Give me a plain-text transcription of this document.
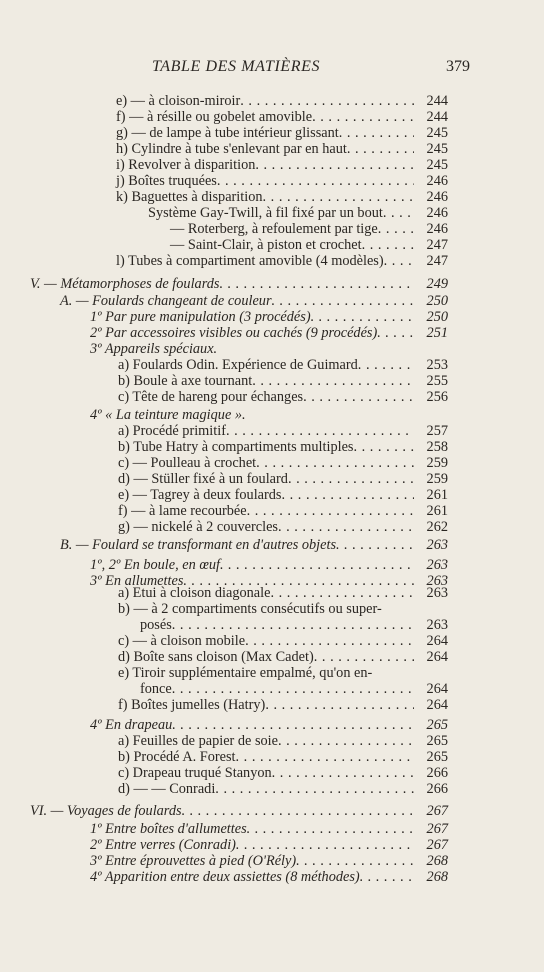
TABLE DES MATIÈRES	379
e) — à cloison-miroir . . .	244
f) — à résille ou gobelet amovible . . .	244
g) — de lampe à tube intérieur glissant . . .	245
h) Cylindre à tube s'enlevant par en haut . . .	245
i) Revolver à disparition . . .	245
j) Boîtes truquées . . .	246
k) Baguettes à disparition . . .	246
Système Gay-Twill, à fil fixé par un bout . . .	246
— Roterberg, à refoulement par tige . . .	246
— Saint-Clair, à piston et crochet . . .	247
l) Tubes à compartiment amovible (4 modèles) . . .	247
V. — Métamorphoses de foulards . . .	249
A. — Foulards changeant de couleur . . .	250
1º Par pure manipulation (3 procédés) . . .	250
2º Par accessoires visibles ou cachés (9 procédés) . . .	251
3º Appareils spéciaux.
a) Foulards Odin. Expérience de Guimard . . .	253
b) Boule à axe tournant . . .	255
c) Tête de hareng pour échanges . . .	256
4º « La teinture magique ».
a) Procédé primitif . . .	257
b) Tube Hatry à compartiments multiples . . .	258
c) — Poulleau à crochet . . .	259
d) — Stüller fixé à un foulard . . .	259
e) — Tagrey à deux foulards . . .	261
f) — à lame recourbée . . .	261
g) — nickelé à 2 couvercles . . .	262
B. — Foulard se transformant en d'autres objets . . .	263
1º, 2º En boule, en œuf . . .	263
3º En allumettes . . .	263
a) Etui à cloison diagonale . . .	263
b) — à 2 compartiments consécutifs ou super-
posés . . .	263
c) — à cloison mobile . . .	264
d) Boîte sans cloison (Max Cadet) . . .	264
e) Tiroir supplémentaire empalmé, qu'on en-
fonce . . .	264
f) Boîtes jumelles (Hatry) . . .	264
4º En drapeau . . .	265
a) Feuilles de papier de soie . . .	265
b) Procédé A. Forest . . .	265
c) Drapeau truqué Stanyon . . .	266
d) — — Conradi . . .	266
VI. — Voyages de foulards . . .	267
1º Entre boîtes d'allumettes . . .	267
2º Entre verres (Conradi) . . .	267
3º Entre éprouvettes à pied (O'Rély) . . .	268
4º Apparition entre deux assiettes (8 méthodes) . . .	268
